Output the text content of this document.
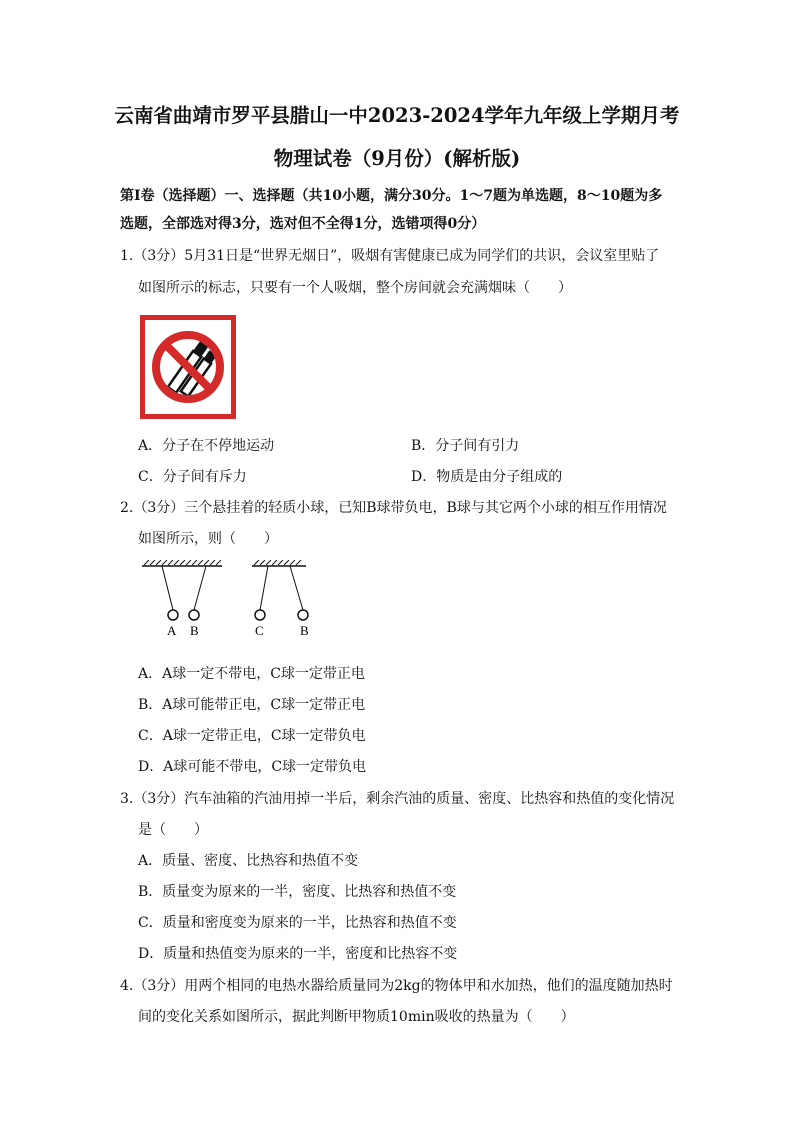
云南省曲靖市罗平县腊山一中2023-2024学年九年级上学期月考
物理试卷（9月份）(解析版)
第Ⅰ卷（选择题）一、选择题（共10小题，满分30分。1～7题为单选题，8～10题为多
选题，全部选对得3分，选对但不全得1分，选错项得0分）
1.（3分）5月31日是“世界无烟日”，吸烟有害健康已成为同学们的共识，会议室里贴了
如图所示的标志，只要有一个人吸烟，整个房间就会充满烟味（　　）
A．分子在不停地运动	B．分子间有引力
C．分子间有斥力	D．物质是由分子组成的
2.（3分）三个悬挂着的轻质小球，已知B球带负电，B球与其它两个小球的相互作用情况
如图所示，则（　　）
A B	C	B
A．A球一定不带电，C球一定带正电
B．A球可能带正电，C球一定带正电
C．A球一定带正电，C球一定带负电
D．A球可能不带电，C球一定带负电
3.（3分）汽车油箱的汽油用掉一半后，剩余汽油的质量、密度、比热容和热值的变化情况
是（　　）
A．质量、密度、比热容和热值不变
B．质量变为原来的一半，密度、比热容和热值不变
C．质量和密度变为原来的一半，比热容和热值不变
D．质量和热值变为原来的一半，密度和比热容不变
4.（3分）用两个相同的电热水器给质量同为2kg的物体甲和水加热，他们的温度随加热时
间的变化关系如图所示，据此判断甲物质10min吸收的热量为（　　）
